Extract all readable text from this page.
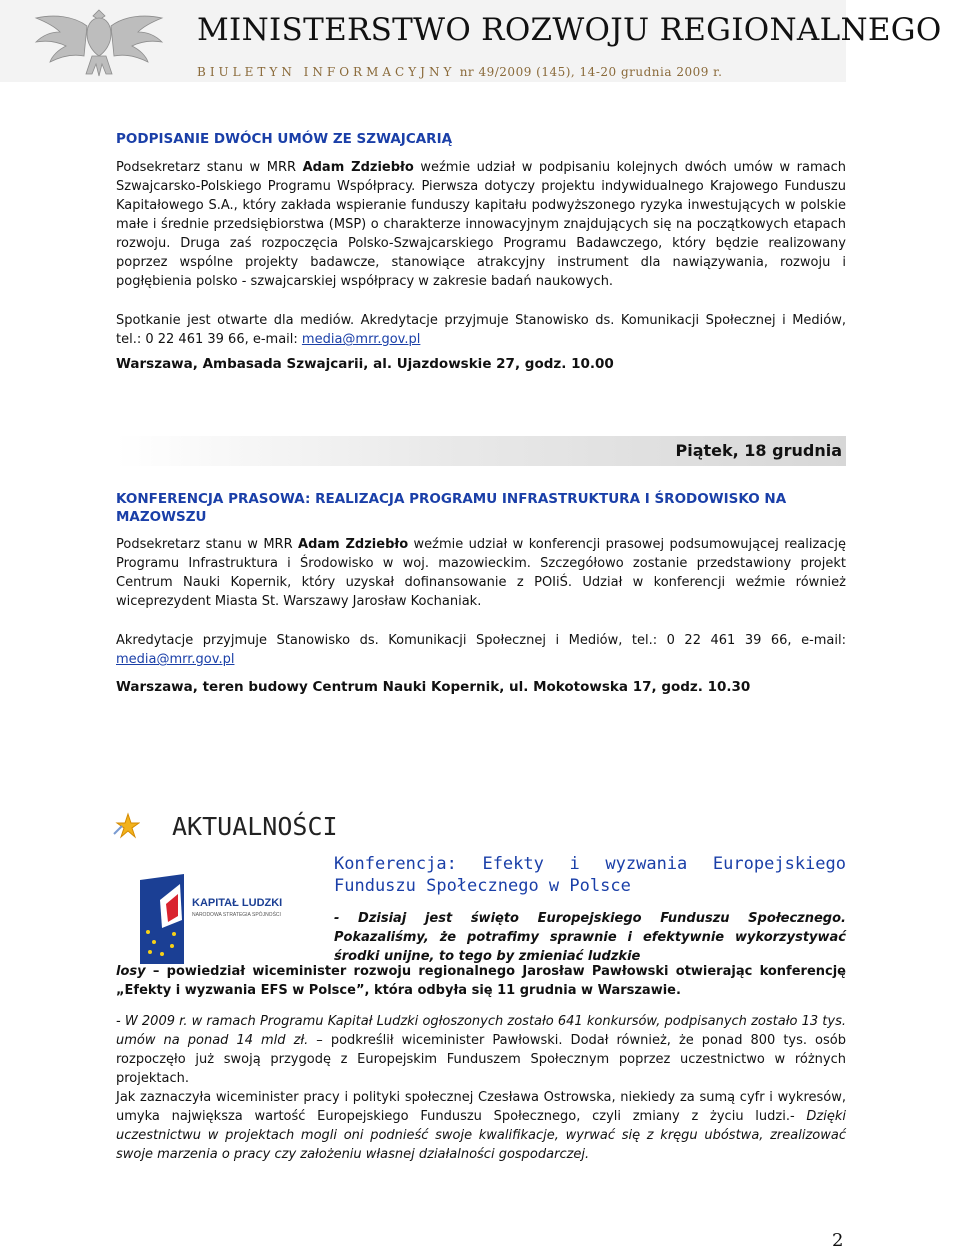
MINISTERSTWO ROZWOJU REGIONALNEGO
BIULETYN INFORMACYJNY nr 49/2009 (145), 14-20 grudnia 2009 r.
PODPISANIE DWÓCH UMÓW ZE SZWAJCARIĄ

Podsekretarz stanu w MRR Adam Zdziebło weźmie udział w podpisaniu kolejnych dwóch umów w ramach Szwajcarsko-Polskiego Programu Współpracy. Pierwsza dotyczy projektu indywidualnego Krajowego Funduszu Kapitałowego S.A., który zakłada wspieranie funduszy kapitału podwyższonego ryzyka inwestujących w polskie małe i średnie przedsiębiorstwa (MSP) o charakterze innowacyjnym znajdujących się na początkowych etapach rozwoju. Druga zaś rozpoczęcia Polsko-Szwajcarskiego Programu Badawczego, który będzie realizowany poprzez wspólne projekty badawcze, stanowiące atrakcyjny instrument dla nawiązywania, rozwoju i pogłębienia polsko - szwajcarskiej współpracy w zakresie badań naukowych.

Spotkanie jest otwarte dla mediów. Akredytacje przyjmuje Stanowisko ds. Komunikacji Społecznej i Mediów, tel.: 0 22 461 39 66, e-mail: media@mrr.gov.pl

Warszawa, Ambasada Szwajcarii, al. Ujazdowskie 27, godz. 10.00
Piątek, 18 grudnia
KONFERENCJA PRASOWA: REALIZACJA PROGRAMU INFRASTRUKTURA I ŚRODOWISKO NA MAZOWSZU

Podsekretarz stanu w MRR Adam Zdziebło weźmie udział w konferencji prasowej podsumowującej realizację Programu Infrastruktura i Środowisko w woj. mazowieckim. Szczegółowo zostanie przedstawiony projekt Centrum Nauki Kopernik, który uzyskał dofinansowanie z POIiŚ. Udział w konferencji weźmie również wiceprezydent Miasta St. Warszawy Jarosław Kochaniak.

Akredytacje przyjmuje Stanowisko ds. Komunikacji Społecznej i Mediów, tel.: 0 22 461 39 66, e-mail: media@mrr.gov.pl

Warszawa, teren budowy Centrum Nauki Kopernik, ul. Mokotowska 17, godz. 10.30
AKTUALNOŚCI
Konferencja: Efekty i wyzwania Europejskiego Funduszu Społecznego w Polsce
KAPITAŁ LUDZKI
NARODOWA STRATEGIA SPÓJNOŚCI	- Dzisiaj jest święto Europejskiego Funduszu Społecznego. Pokazaliśmy, że potrafimy sprawnie i efektywnie wykorzystywać środki unijne, to tego by zmieniać ludzkie

losy – powiedział wiceminister rozwoju regionalnego Jarosław Pawłowski otwierając konferencję „Efekty i wyzwania EFS w Polsce”, która odbyła się 11 grudnia w Warszawie.

- W 2009 r. w ramach Programu Kapitał Ludzki ogłoszonych zostało 641 konkursów, podpisanych zostało 13 tys. umów na ponad 14 mld zł. – podkreślił wiceminister Pawłowski. Dodał również, że ponad 800 tys. osób rozpoczęło już swoją przygodę z Europejskim Funduszem Społecznym poprzez uczestnictwo w różnych projektach.

Jak zaznaczyła wiceminister pracy i polityki społecznej Czesława Ostrowska, niekiedy za sumą cyfr i wykresów, umyka największa wartość Europejskiego Funduszu Społecznego, czyli zmiany z życiu ludzi.- Dzięki uczestnictwu w projektach mogli oni podnieść swoje kwalifikacje, wyrwać się z kręgu ubóstwa, zrealizować swoje marzenia o pracy czy założeniu własnej działalności gospodarczej.

2
